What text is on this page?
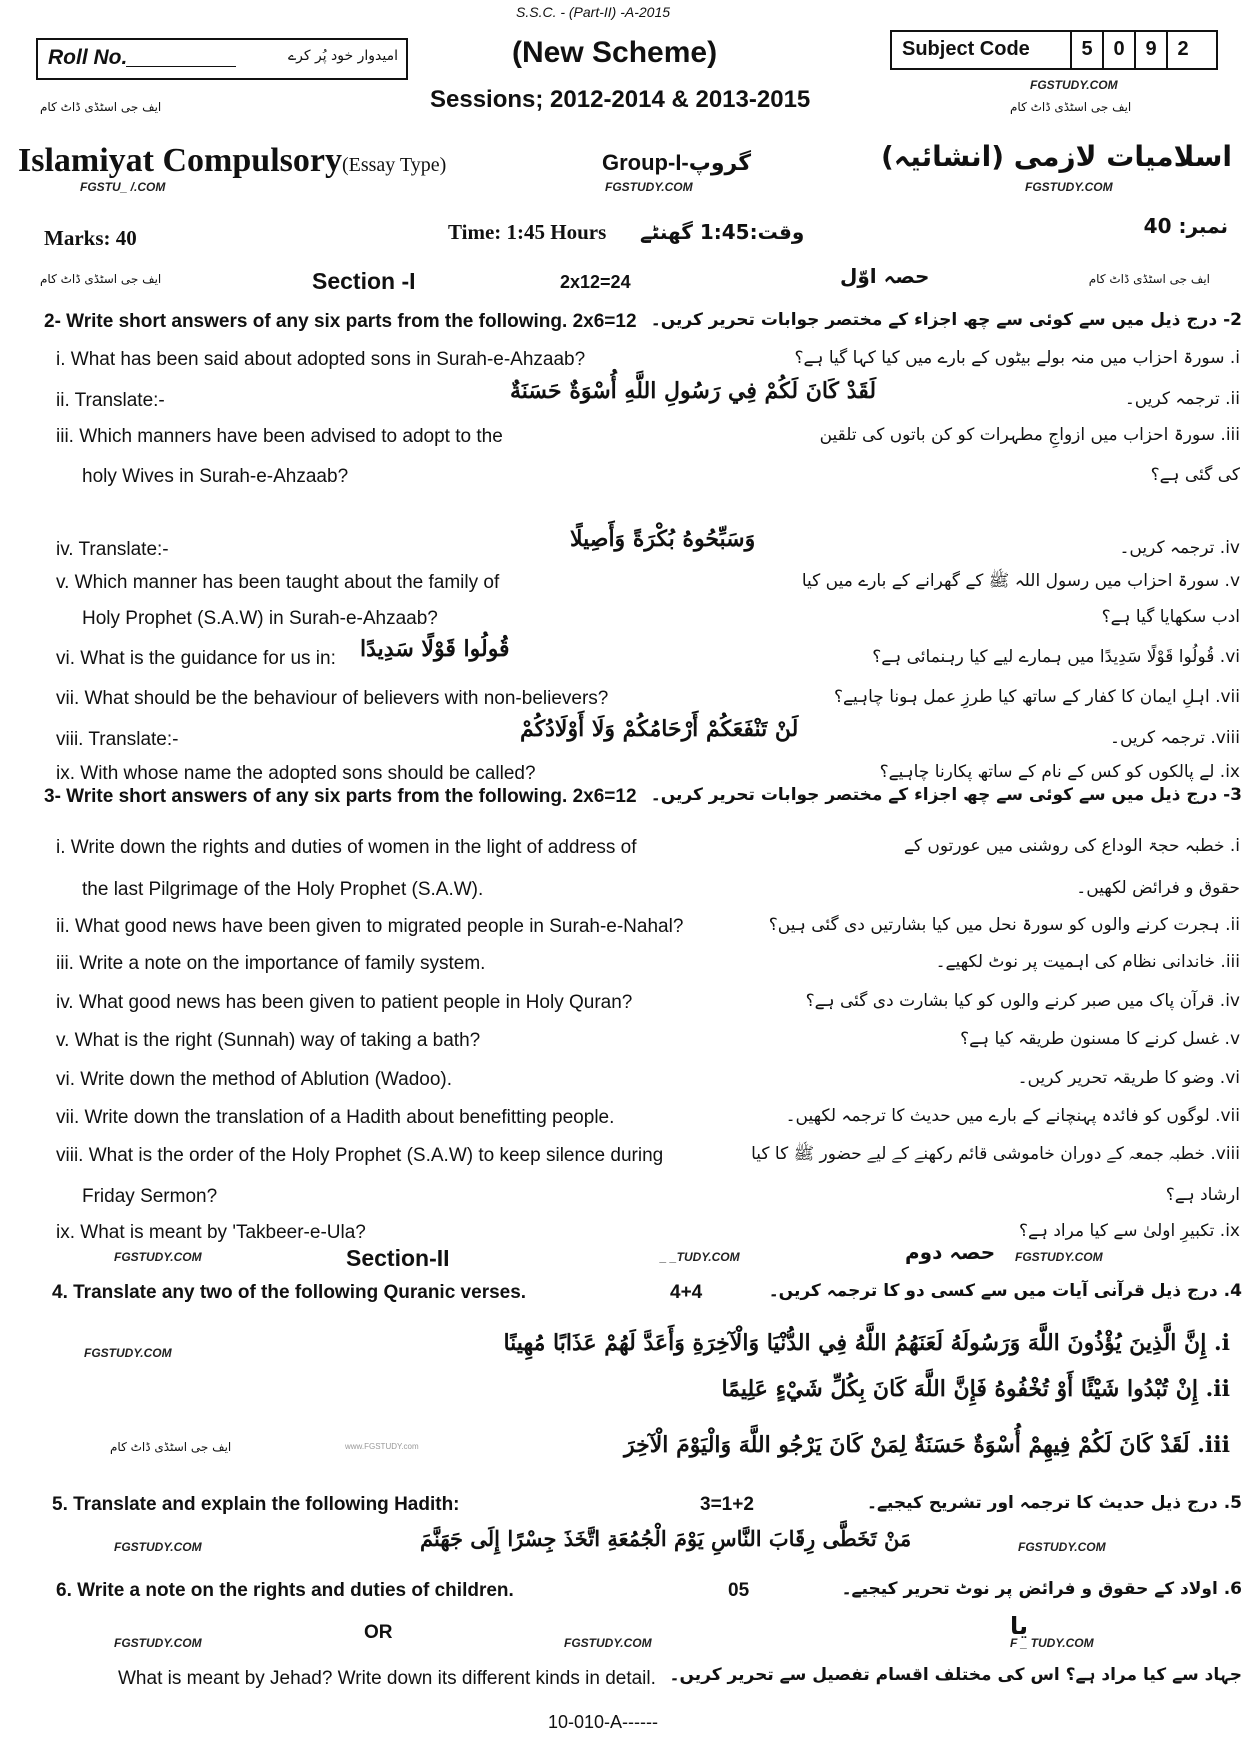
S.S.C. - (Part-II) -A-2015
Roll No.	امیدوار خود پُر کرے	(New Scheme)
Sessions; 2012-2014 & 2013-2015
Subject Code	5	0	9	2
FGSTUDY.COM
ایف جی اسٹڈی ڈاٹ کام
ایف جی اسٹڈی ڈاٹ کام
Islamiyat Compulsory(Essay Type)	Group-I-گروپ	اسلامیات لازمی (انشائیہ)
FGSTU_ /.COM	FGSTUDY.COM	FGSTUDY.COM
Marks: 40	Time: 1:45 Hours وقت:1:45 گھنٹے	نمبر: 40
ایف جی اسٹڈی ڈاٹ کام	Section -I	2x12=24	حصہ اوّل	ایف جی اسٹڈی ڈاٹ کام
2- Write short answers of any six parts from the following. 2x6=12 2- درج ذیل میں سے کوئی سے چھ اجزاء کے مختصر جوابات تحریر کریں۔
3- Write short answers of any six parts from the following. 2x6=12 3- درج ذیل میں سے کوئی سے چھ اجزاء کے مختصر جوابات تحریر کریں۔
i. What has been said about adopted sons in Surah-e-Ahzaab?	i. سورۃ احزاب میں منہ بولے بیٹوں کے بارے میں کیا کہا گیا ہے؟
ii. Translate:-	ii. ترجمہ کریں۔
iii. Which manners have been advised to adopt to the	iii. سورۃ احزاب میں ازواجِ مطہرات کو کن باتوں کی تلقین
holy Wives in Surah-e-Ahzaab?	کی گئی ہے؟
iv. Translate:-	iv. ترجمہ کریں۔
v. Which manner has been taught about the family of	v. سورۃ احزاب میں رسول اللہ ﷺ کے گھرانے کے بارے میں کیا
Holy Prophet (S.A.W) in Surah-e-Ahzaab?	ادب سکھایا گیا ہے؟
vi. What is the guidance for us in:	vi. قُولُوا قَوْلًا سَدِيدًا میں ہمارے لیے کیا رہنمائی ہے؟
vii. What should be the behaviour of believers with non-believers?	vii. اہلِ ایمان کا کفار کے ساتھ کیا طرزِ عمل ہونا چاہیے؟
viii. Translate:-	viii. ترجمہ کریں۔
ix. With whose name the adopted sons should be called?	ix. لے پالکوں کو کس کے نام کے ساتھ پکارنا چاہیے؟
i. Write down the rights and duties of women in the light of address of	i. خطبہ حجۃ الوداع کی روشنی میں عورتوں کے
the last Pilgrimage of the Holy Prophet (S.A.W).	حقوق و فرائض لکھیں۔
ii. What good news have been given to migrated people in Surah-e-Nahal?	ii. ہجرت کرنے والوں کو سورۃ نحل میں کیا بشارتیں دی گئی ہیں؟
iii. Write a note on the importance of family system.	iii. خاندانی نظام کی اہمیت پر نوٹ لکھیے۔
iv. What good news has been given to patient people in Holy Quran?	iv. قرآن پاک میں صبر کرنے والوں کو کیا بشارت دی گئی ہے؟
v. What is the right (Sunnah) way of taking a bath?	v. غسل کرنے کا مسنون طریقہ کیا ہے؟
vi. Write down the method of Ablution (Wadoo).	vi. وضو کا طریقہ تحریر کریں۔
vii. Write down the translation of a Hadith about benefitting people.	vii. لوگوں کو فائدہ پہنچانے کے بارے میں حدیث کا ترجمہ لکھیں۔
viii. What is the order of the Holy Prophet (S.A.W) to keep silence during	viii. خطبہ جمعہ کے دوران خاموشی قائم رکھنے کے لیے حضور ﷺ کا کیا
Friday Sermon?	ارشاد ہے؟
ix. What is meant by 'Takbeer-e-Ula?	ix. تکبیرِ اولیٰ سے کیا مراد ہے؟
لَقَدْ كَانَ لَكُمْ فِي رَسُولِ اللَّهِ أُسْوَةٌ حَسَنَةٌ
وَسَبِّحُوهُ بُكْرَةً وَأَصِيلًا
قُولُوا قَوْلًا سَدِيدًا
لَنْ تَنْفَعَكُمْ أَرْحَامُكُمْ وَلَا أَوْلَادُكُمْ
FGSTUDY.COM	Section-II	_ _TUDY.COM	حصہ دوم FGSTUDY.COM
4. Translate any two of the following Quranic verses.	4+4	4. درج ذیل قرآنی آیات میں سے کسی دو کا ترجمہ کریں۔
FGSTUDY.COM	i. إِنَّ الَّذِينَ يُؤْذُونَ اللَّهَ وَرَسُولَهُ لَعَنَهُمُ اللَّهُ فِي الدُّنْيَا وَالْآخِرَةِ وَأَعَدَّ لَهُمْ عَذَابًا مُهِينًا
ii. إِنْ تُبْدُوا شَيْئًا أَوْ تُخْفُوهُ فَإِنَّ اللَّهَ كَانَ بِكُلِّ شَيْءٍ عَلِيمًا
ایف جی اسٹڈی ڈاٹ کام	www.FGSTUDY.com	iii. لَقَدْ كَانَ لَكُمْ فِيهِمْ أُسْوَةٌ حَسَنَةٌ لِمَنْ كَانَ يَرْجُو اللَّهَ وَالْيَوْمَ الْآخِرَ
5. Translate and explain the following Hadith:	3=1+2	5. درج ذیل حدیث کا ترجمہ اور تشریح کیجیے۔
FGSTUDY.COM	مَنْ تَخَطَّى رِقَابَ النَّاسِ يَوْمَ الْجُمُعَةِ اتَّخَذَ جِسْرًا إِلَى جَهَنَّمَ	FGSTUDY.COM
6. Write a note on the rights and duties of children.	05	6. اولاد کے حقوق و فرائض پر نوٹ تحریر کیجیے۔
FGSTUDY.COM	OR	FGSTUDY.COM
یا
F _ TUDY.COM
What is meant by Jehad? Write down its different kinds in detail. جہاد سے کیا مراد ہے؟ اس کی مختلف اقسام تفصیل سے تحریر کریں۔
10-010-A------
